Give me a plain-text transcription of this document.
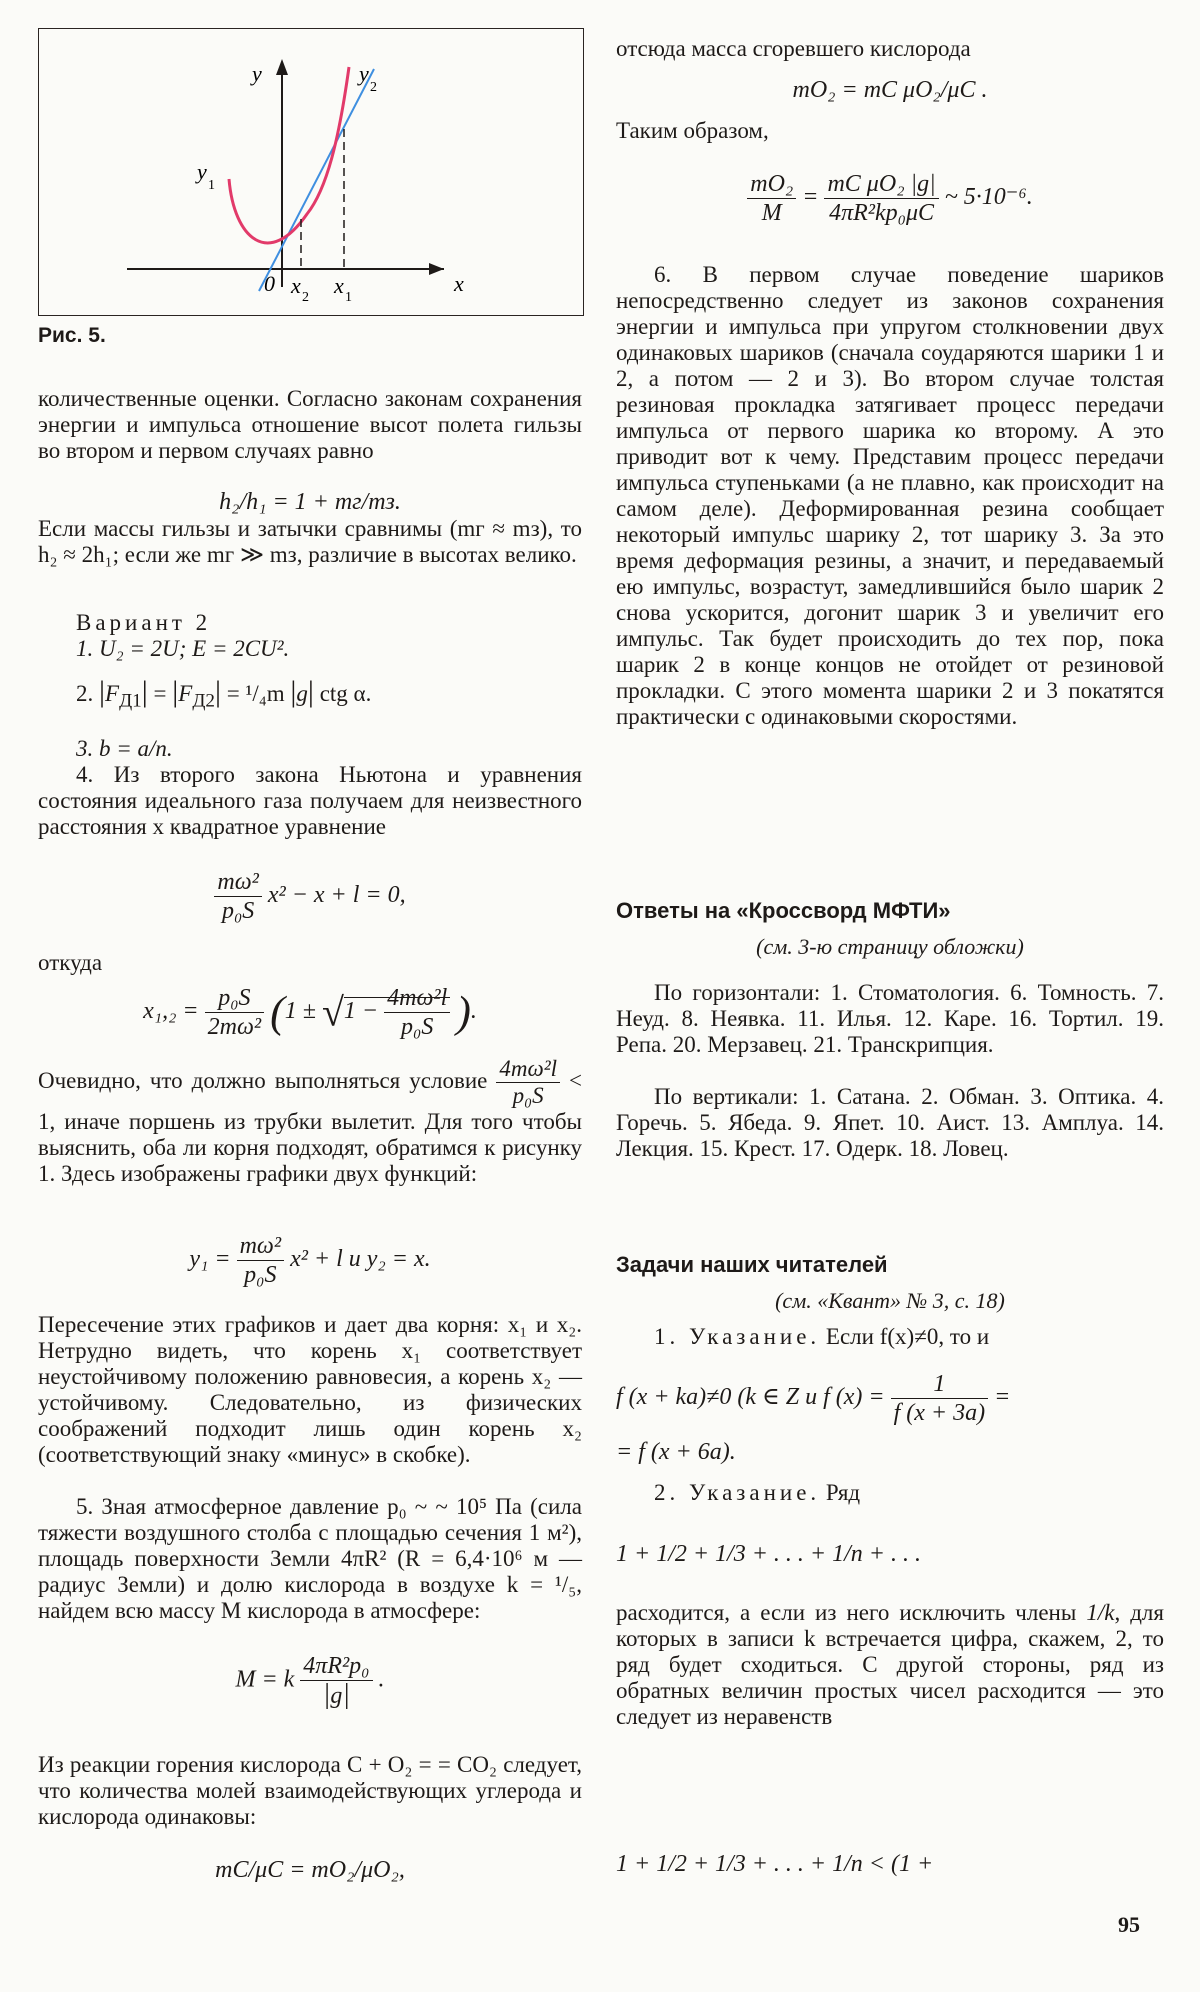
y	y
2
y
1
0 x 2 x 1
x
Рис. 5.

количественные оценки. Согласно законам сохранения энергии и импульса отношение высот полета гильзы во втором и первом случаях равно

h₂/h₁ = 1 + mг/mз.

Если массы гильзы и затычки сравнимы (mг ≈ mз), то h₂ ≈ 2h₁; если же mг ≫ mз, различие в высотах велико.

Вариант 2
1. U₂ = 2U; E = 2CU².
2. $|F_{Д1}| = |F_{Д2}| = ^1/_4m$ |g| ctg α.
3. b = a/n.

4. Из второго закона Ньютона и уравнения состояния идеального газа получаем для неизвестного расстояния x квадратное уравнение

$\frac{\text{mω²}}{\text{p₀S}} x^2 - x + l = 0$,
откуда
$x_1,_2 = \frac{\text{p₀S}}{\text{2mω²}} (1 \pm √1 - \frac{\text{4mω²l}}{\text{p₀S}}$ ).

Очевидно, что должно выполняться условие $\frac{\text{4mω²l}}{\text{p₀S}} < 1$, иначе поршень из трубки вылетит. Для того чтобы выяснить, оба ли корня подходят, обратимся к рисунку 1. Здесь изображены графики двух функций:

$y_1 = \frac{\text{mω²}}{\text{p₀S}} x^2 + l$ и y₂ = x.

Пересечение этих графиков и дает два корня: x₁ и x₂. Нетрудно видеть, что корень x₁ соответствует неустойчивому положению равновесия, а корень x₂ — устойчивому. Следовательно, из физических соображений подходит лишь один корень x₂ (соответствующий знаку «минус» в скобке).

5. Зная атмосферное давление p₀ ~ ~ 10⁵ Па (сила тяжести воздушного столба с площадью сечения 1 м²), площадь поверхности Земли 4πR² (R = 6,4·10⁶ м — радиус Земли) и долю кислорода в воздухе k = ¹/₅, найдем всю массу M кислорода в атмосфере:

M = k $\frac{\text{4πR²p₀}}{|g|}$ .

Из реакции горения кислорода C + O₂ = = CO₂ следует, что количества молей взаимодействующих углерода и кислорода одинаковы:

mC/μC = mO₂/μO₂,
отсюда масса сгоревшего кислорода
mO₂ = mC μO₂/μC .
Таким образом,
$\frac{\text{mO₂}}{M} = \frac{\text{mC μO₂ |g|}}{\text{4πR²kp₀μC}}$ ~ 5·10⁻⁶.

6. В первом случае поведение шариков непосредственно следует из законов сохранения энергии и импульса при упругом столкновении двух одинаковых шариков (сначала соударяются шарики 1 и 2, а потом — 2 и 3). Во втором случае толстая резиновая прокладка затягивает процесс передачи импульса от первого шарика ко второму. А это приводит вот к чему. Представим процесс передачи импульса ступеньками (а не плавно, как происходит на самом деле). Деформированная резина сообщает некоторый импульс шарику 2, тот шарику 3. За это время деформация резины, а значит, и передаваемый ею импульс, возрастут, замедлившийся было шарик 2 снова ускорится, догонит шарик 3 и увеличит его импульс. Так будет происходить до тех пор, пока шарик 2 в конце концов не отойдет от резиновой прокладки. С этого момента шарики 2 и 3 покатятся практически с одинаковыми скоростями.

Ответы на «Кроссворд МФТИ»
(см. 3-ю страницу обложки)

По горизонтали: 1. Стоматология. 6. Томность. 7. Неуд. 8. Неявка. 11. Илья. 12. Каре. 16. Тортил. 19. Репа. 20. Мерзавец. 21. Транскрипция.

По вертикали: 1. Сатана. 2. Обман. 3. Оптика. 4. Горечь. 5. Ябеда. 9. Япет. 10. Аист. 13. Амплуа. 14. Лекция. 15. Крест. 17. Одерк. 18. Ловец.

Задачи наших читателей
(см. «Квант» № 3, с. 18)
1. Указание. Если f(x)≠0, то и
f (x + ka)≠0 (k ∈ Z и f $(x) = \frac{1}{f (x + 3a)}$ =
= f (x + 6a).
2. Указание. Ряд
1 + 1/2 + 1/3 + . . . + 1/n + . . .

расходится, а если из него исключить члены 1/k, для которых в записи k встречается цифра, скажем, 2, то ряд будет сходиться. С другой стороны, ряд из обратных величин простых чисел расходится — это следует из неравенств

1 + 1/2 + 1/3 + . . . + 1/n < (1 +
95
